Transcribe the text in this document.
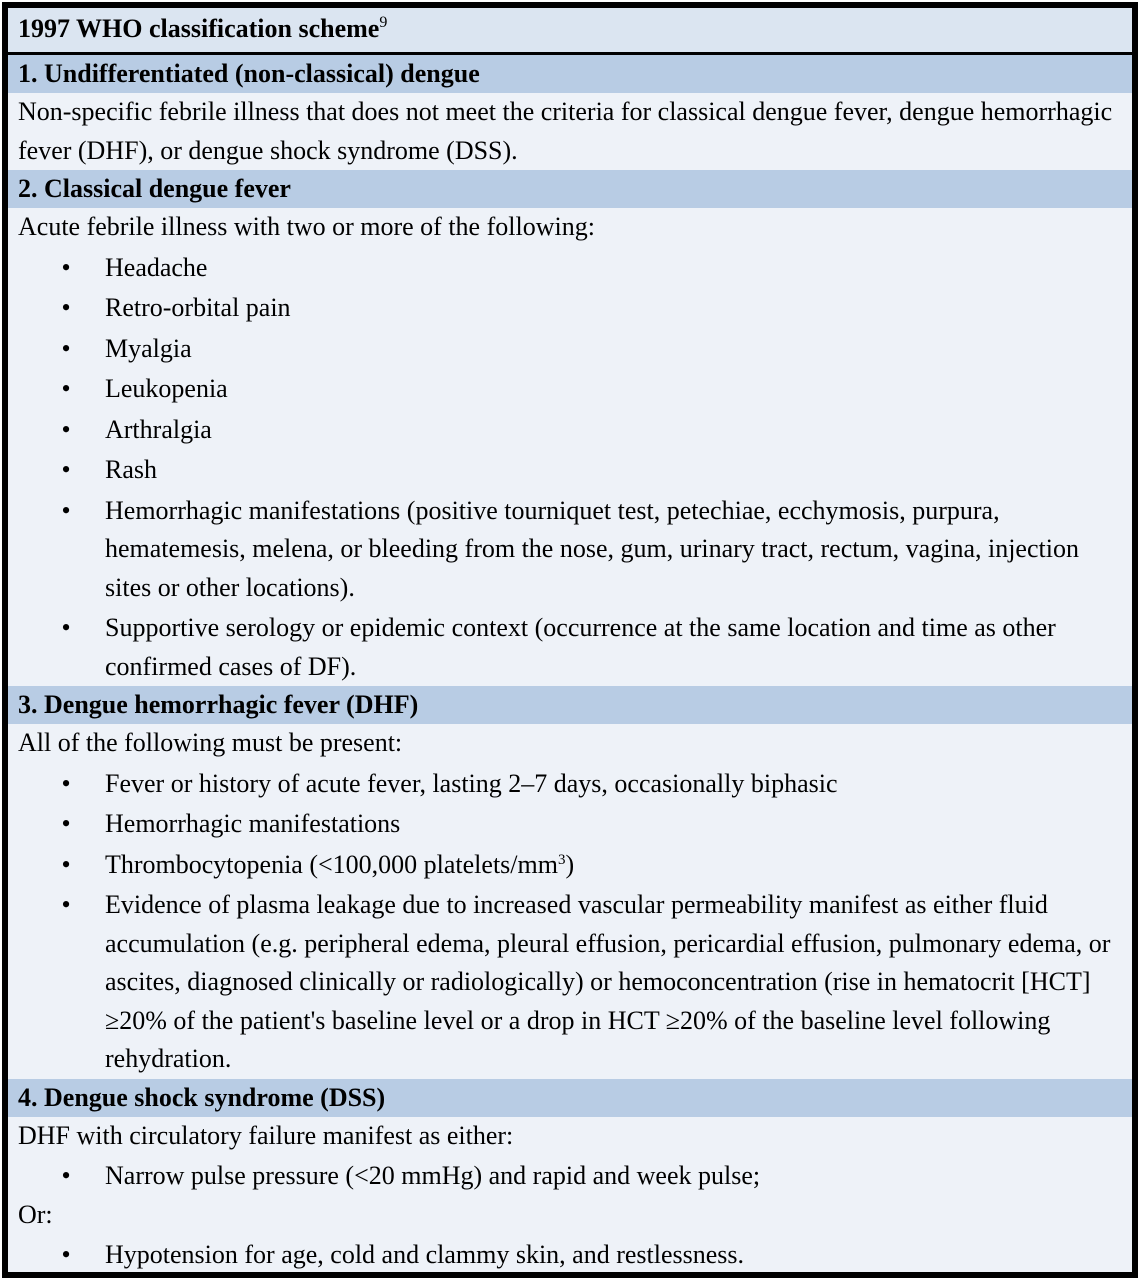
1997 WHO classification scheme$^9$
1. Undifferentiated (non-classical) dengue
Non-specific febrile illness that does not meet the criteria for classical dengue fever, dengue hemorrhagic fever (DHF), or dengue shock syndrome (DSS).
2. Classical dengue fever
Acute febrile illness with two or more of the following:
• Headache
• Retro-orbital pain
• Myalgia
• Leukopenia
• Arthralgia
• Rash
• Hemorrhagic manifestations (positive tourniquet test, petechiae, ecchymosis, purpura, hematemesis, melena, or bleeding from the nose, gum, urinary tract, rectum, vagina, injection sites or other locations).
• Supportive serology or epidemic context (occurrence at the same location and time as other confirmed cases of DF).
3. Dengue hemorrhagic fever (DHF)
All of the following must be present:
• Fever or history of acute fever, lasting 2–7 days, occasionally biphasic
• Hemorrhagic manifestations
• Thrombocytopenia (<100,000 platelets/$mm^3$)
• Evidence of plasma leakage due to increased vascular permeability manifest as either fluid accumulation (e.g. peripheral edema, pleural effusion, pericardial effusion, pulmonary edema, or ascites, diagnosed clinically or radiologically) or hemoconcentration (rise in hematocrit [HCT] ≥20% of the patient's baseline level or a drop in HCT ≥20% of the baseline level following rehydration.
4. Dengue shock syndrome (DSS)
DHF with circulatory failure manifest as either:
• Narrow pulse pressure (<20 mmHg) and rapid and week pulse;
Or:
• Hypotension for age, cold and clammy skin, and restlessness.
